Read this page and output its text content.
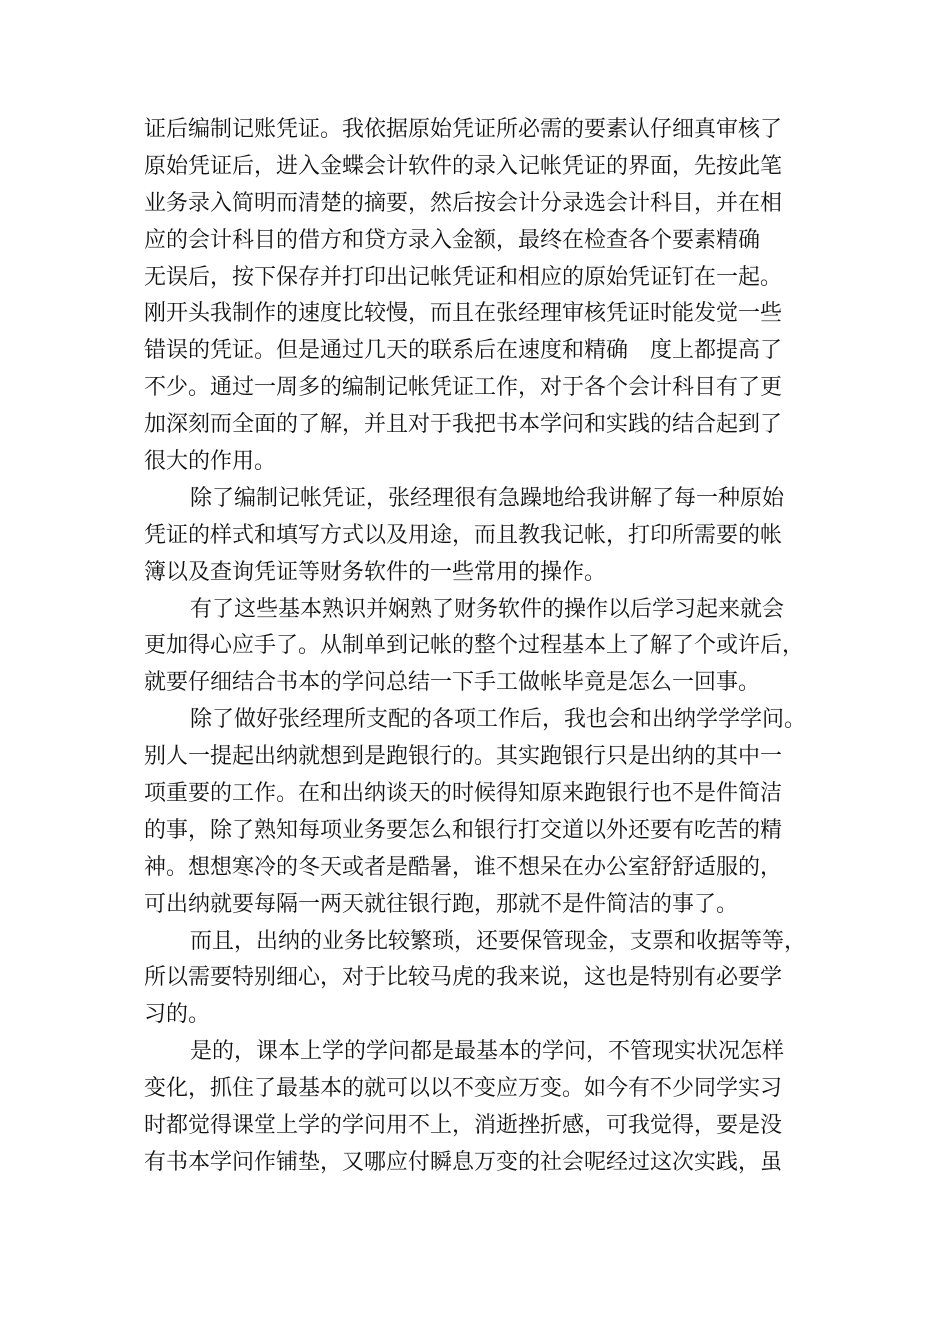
证后编制记账凭证。我依据原始凭证所必需的要素认仔细真审核了
原始凭证后，进入金蝶会计软件的录入记帐凭证的界面，先按此笔
业务录入简明而清楚的摘要，然后按会计分录选会计科目，并在相
应的会计科目的借方和贷方录入金额，最终在检查各个要素精确
无误后，按下保存并打印出记帐凭证和相应的原始凭证钉在一起。
刚开头我制作的速度比较慢，而且在张经理审核凭证时能发觉一些
错误的凭证。但是通过几天的联系后在速度和精确　度上都提高了
不少。通过一周多的编制记帐凭证工作，对于各个会计科目有了更
加深刻而全面的了解，并且对于我把书本学问和实践的结合起到了
很大的作用。
除了编制记帐凭证，张经理很有急躁地给我讲解了每一种原始
凭证的样式和填写方式以及用途，而且教我记帐，打印所需要的帐
簿以及查询凭证等财务软件的一些常用的操作。
有了这些基本熟识并娴熟了财务软件的操作以后学习起来就会
更加得心应手了。从制单到记帐的整个过程基本上了解了个或许后，
就要仔细结合书本的学问总结一下手工做帐毕竟是怎么一回事。
除了做好张经理所支配的各项工作后，我也会和出纳学学学问。
别人一提起出纳就想到是跑银行的。其实跑银行只是出纳的其中一
项重要的工作。在和出纳谈天的时候得知原来跑银行也不是件简洁
的事，除了熟知每项业务要怎么和银行打交道以外还要有吃苦的精
神。想想寒冷的冬天或者是酷暑，谁不想呆在办公室舒舒适服的，
可出纳就要每隔一两天就往银行跑，那就不是件简洁的事了。
而且，出纳的业务比较繁琐，还要保管现金，支票和收据等等，
所以需要特别细心，对于比较马虎的我来说，这也是特别有必要学
习的。
是的，课本上学的学问都是最基本的学问，不管现实状况怎样
变化，抓住了最基本的就可以以不变应万变。如今有不少同学实习
时都觉得课堂上学的学问用不上，消逝挫折感，可我觉得，要是没
有书本学问作铺垫，又哪应付瞬息万变的社会呢经过这次实践，虽
